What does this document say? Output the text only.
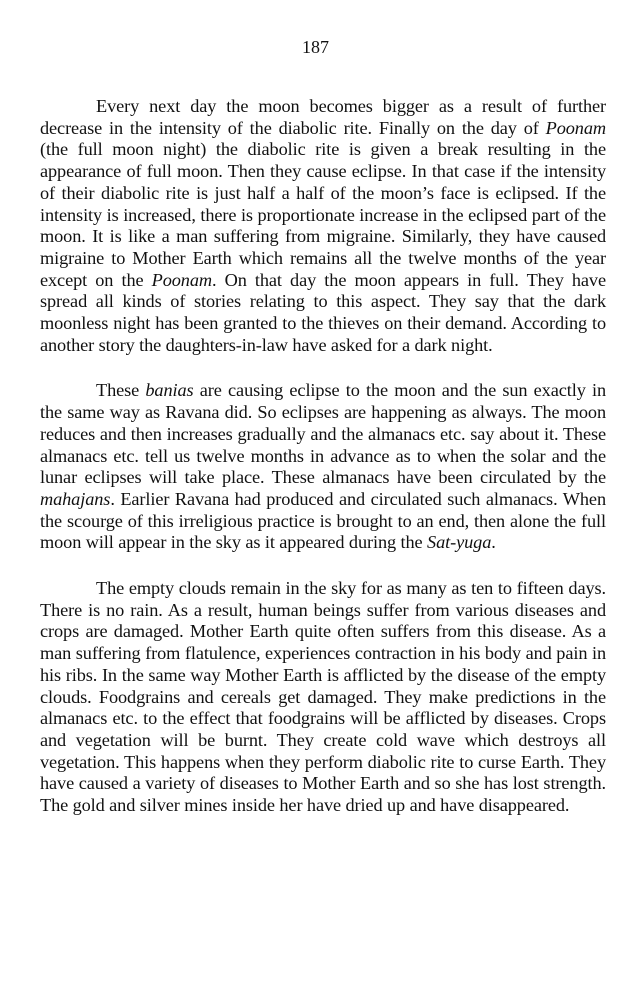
187

Every next day the moon becomes bigger as a result of further decrease in the intensity of the diabolic rite. Finally on the day of Poonam (the full moon night) the diabolic rite is given a break resulting in the appearance of full moon. Then they cause eclipse. In that case if the intensity of their diabolic rite is just half a half of the moon’s face is eclipsed. If the intensity is increased, there is proportionate increase in the eclipsed part of the moon. It is like a man suffering from migraine. Similarly, they have caused migraine to Mother Earth which remains all the twelve months of the year except on the Poonam. On that day the moon appears in full. They have spread all kinds of stories relating to this aspect. They say that the dark moonless night has been granted to the thieves on their demand. According to another story the daughters-in-law have asked for a dark night.

These banias are causing eclipse to the moon and the sun exactly in the same way as Ravana did. So eclipses are happening as always. The moon reduces and then increases gradually and the almanacs etc. say about it. These almanacs etc. tell us twelve months in advance as to when the solar and the lunar eclipses will take place. These almanacs have been circulated by the mahajans. Earlier Ravana had produced and circulated such almanacs. When the scourge of this irreligious practice is brought to an end, then alone the full moon will appear in the sky as it appeared during the Sat-yuga.

The empty clouds remain in the sky for as many as ten to fifteen days. There is no rain. As a result, human beings suffer from various diseases and crops are damaged. Mother Earth quite often suffers from this disease. As a man suffering from flatulence, experiences contraction in his body and pain in his ribs. In the same way Mother Earth is afflicted by the disease of the empty clouds. Foodgrains and cereals get damaged. They make predictions in the almanacs etc. to the effect that foodgrains will be afflicted by diseases. Crops and vegetation will be burnt. They create cold wave which destroys all vegetation. This happens when they perform diabolic rite to curse Earth. They have caused a variety of diseases to Mother Earth and so she has lost strength. The gold and silver mines inside her have dried up and have disappeared.
